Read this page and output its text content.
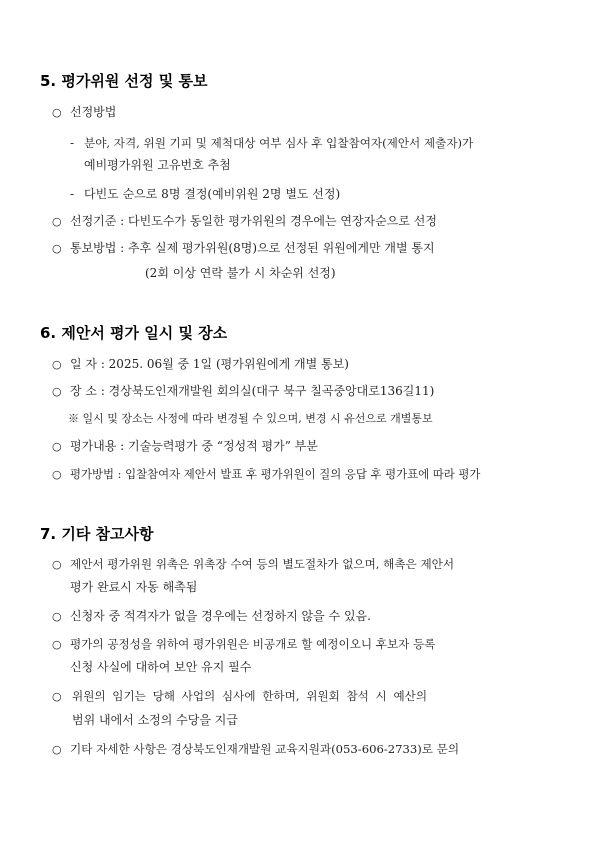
5. 평가위원 선정 및 통보
○ 선정방법
- 분야, 자격, 위원 기피 및 제척대상 여부 심사 후 입찰참여자(제안서 제출자)가
예비평가위원 고유번호 추첨
- 다빈도 순으로 8명 결정(예비위원 2명 별도 선정)
○ 선정기준 : 다빈도수가 동일한 평가위원의 경우에는 연장자순으로 선정
○ 통보방법 : 추후 실제 평가위원(8명)으로 선정된 위원에게만 개별 통지
(2회 이상 연락 불가 시 차순위 선정)
6. 제안서 평가 일시 및 장소
○ 일 자 : 2025. 06월 중 1일 (평가위원에게 개별 통보)
○ 장 소 : 경상북도인재개발원 회의실(대구 북구 칠곡중앙대로136길11)
※ 일시 및 장소는 사정에 따라 변경될 수 있으며, 변경 시 유선으로 개별통보
○ 평가내용 : 기술능력평가 중 “정성적 평가” 부분
○ 평가방법 : 입찰참여자 제안서 발표 후 평가위원이 질의 응답 후 평가표에 따라 평가
7. 기타 참고사항
○ 제안서 평가위원 위촉은 위촉장 수여 등의 별도절차가 없으며, 해촉은 제안서
평가 완료시 자동 해촉됨
○ 신청자 중 적격자가 없을 경우에는 선정하지 않을 수 있음.
○ 평가의 공정성을 위하여 평가위원은 비공개로 할 예정이오니 후보자 등록
신청 사실에 대하여 보안 유지 필수
○ 위원의 임기는 당해 사업의 심사에 한하며, 위원회 참석 시 예산의
범위 내에서 소정의 수당을 지급
○ 기타 자세한 사항은 경상북도인재개발원 교육지원과(053-606-2733)로 문의
